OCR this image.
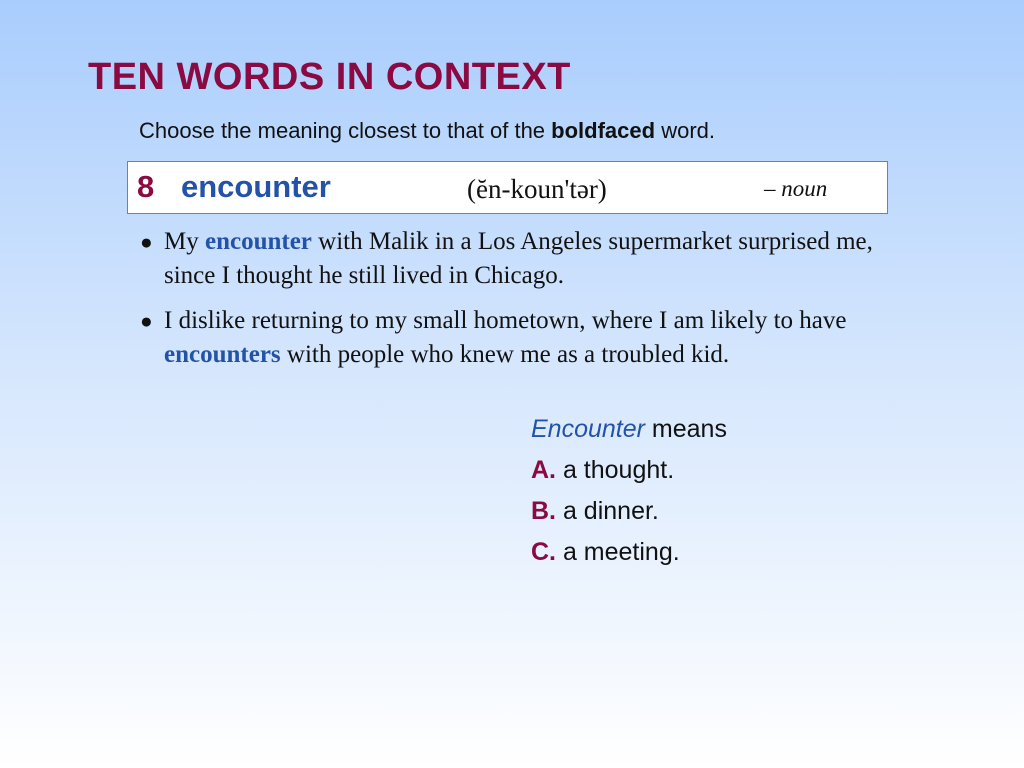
TEN WORDS IN CONTEXT
Choose the meaning closest to that of the boldfaced word.
8 encounter	(ĕn-koun'tər)	– noun
● My encounter with Malik in a Los Angeles supermarket surprised me, since I thought he still lived in Chicago.
● I dislike returning to my small hometown, where I am likely to have encounters with people who knew me as a troubled kid.
Encounter means
A. a thought.
B. a dinner.
C. a meeting.
